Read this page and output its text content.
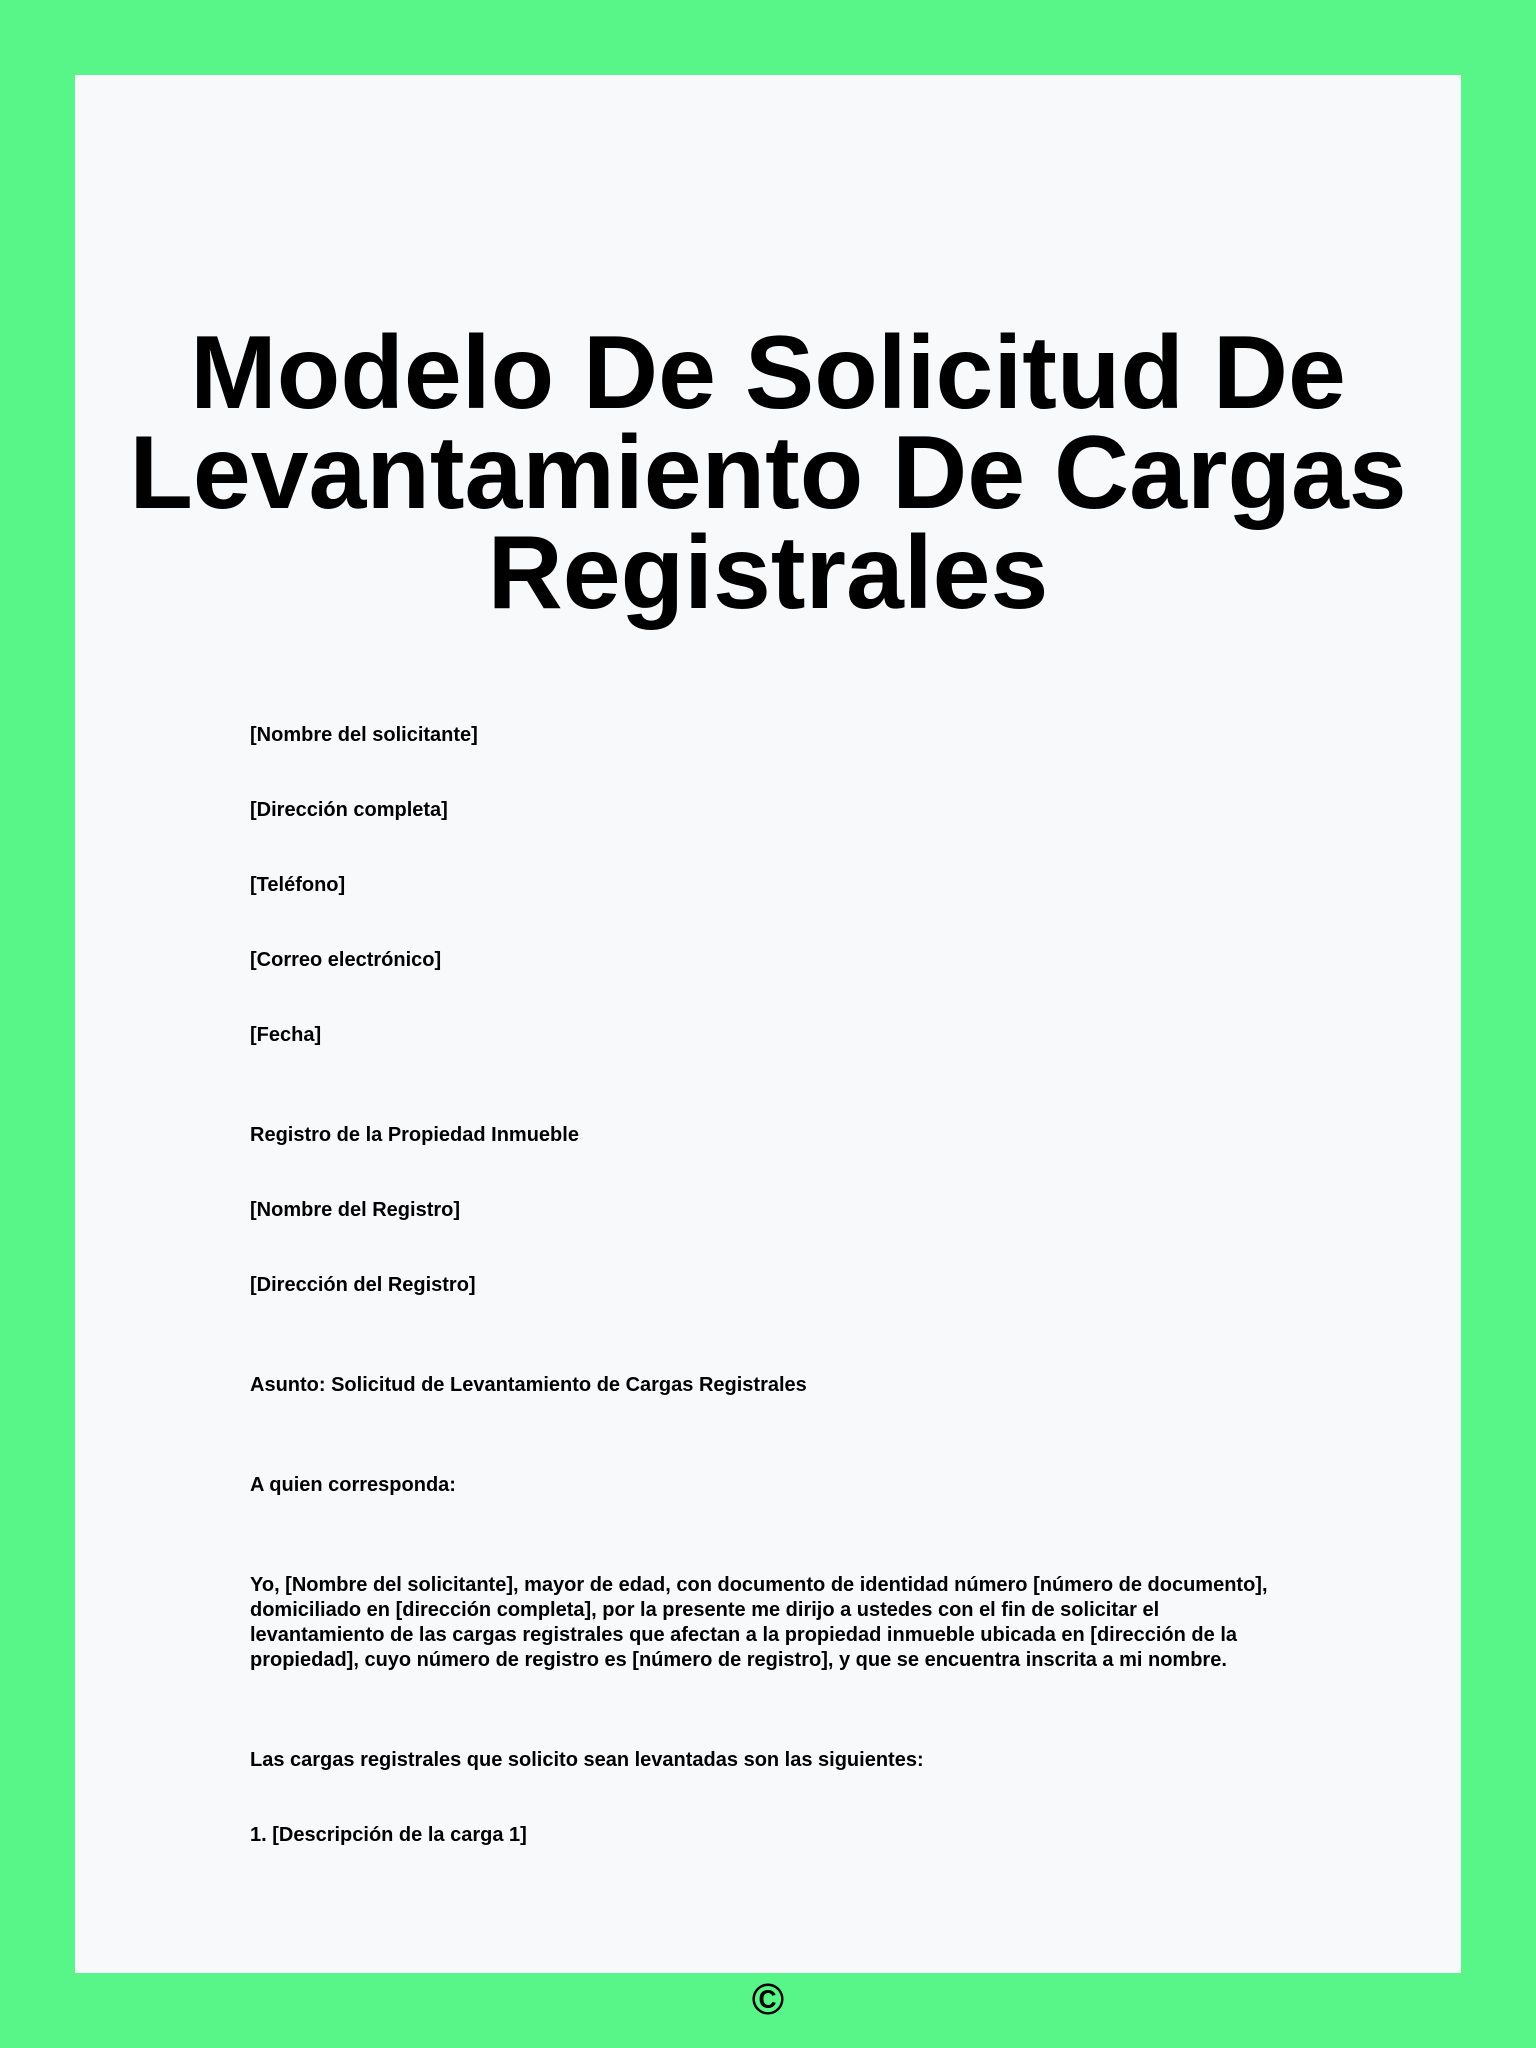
Modelo De Solicitud De Levantamiento De Cargas Registrales

[Nombre del solicitante]

[Dirección completa]

[Teléfono]

[Correo electrónico]

[Fecha]

Registro de la Propiedad Inmueble

[Nombre del Registro]

[Dirección del Registro]

Asunto: Solicitud de Levantamiento de Cargas Registrales

A quien corresponda:

Yo, [Nombre del solicitante], mayor de edad, con documento de identidad número [número de documento], domiciliado en [dirección completa], por la presente me dirijo a ustedes con el fin de solicitar el levantamiento de las cargas registrales que afectan a la propiedad inmueble ubicada en [dirección de la propiedad], cuyo número de registro es [número de registro], y que se encuentra inscrita a mi nombre.

Las cargas registrales que solicito sean levantadas son las siguientes:

1. [Descripción de la carga 1]

©
